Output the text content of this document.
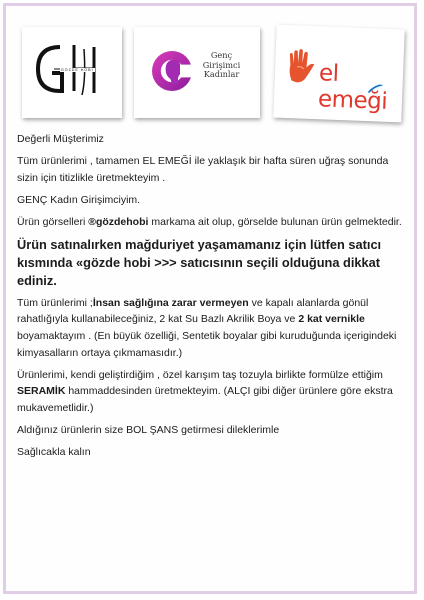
GÖZDE HOBİ
Genç
Girişimci
Kadınlar	el emeği

Değerli Müşterimiz

Tüm ürünlerimi , tamamen EL EMEĞİ ile yaklaşık bir hafta süren uğraş sonunda sizin için titizlikle üretmekteyim .

GENÇ Kadın Girişimciyim.

Ürün görselleri ®gözdehobi markama ait olup, görselde bulunan ürün gelmektedir.

Ürün satınalırken mağduriyet yaşamamanız için lütfen satıcı kısmında «gözde hobi >>> satıcısının seçili olduğuna dikkat ediniz.

Tüm ürünlerimi ;İnsan sağlığına zarar vermeyen ve kapalı alanlarda gönül rahatlığıyla kullanabileceğiniz, 2 kat Su Bazlı Akrilik Boya ve 2 kat vernikle boyamaktayım . (En büyük özelliği, Sentetik boyalar gibi kuruduğunda içerigindeki kimyasalların ortaya çıkmamasıdır.)

Ürünlerimi, kendi geliştirdiğim , özel karışım taş tozuyla birlikte formülze ettiğim SERAMİK hammaddesinden üretmekteyim. (ALÇI gibi diğer ürünlere göre ekstra mukavemetlidir.)

Aldığınız ürünlerin size BOL ŞANS getirmesi dileklerimle

Sağlıcakla kalın
